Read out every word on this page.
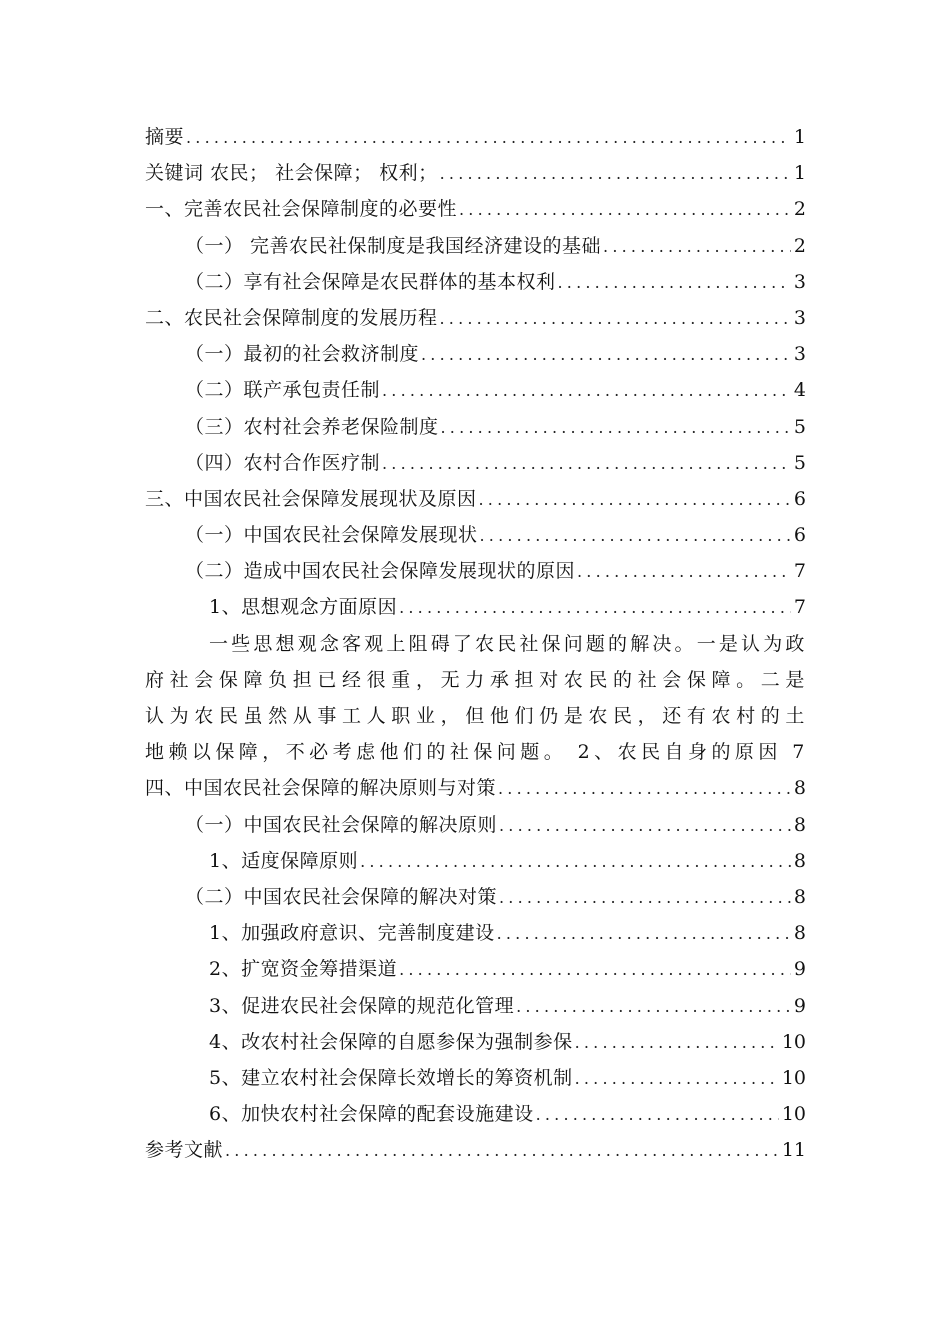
摘要 .....	1
关键词 农民； 社会保障； 权利； .....	1
一、完善农民社会保障制度的必要性 .....	2
（一） 完善农民社保制度是我国经济建设的基础 .....	2
（二）享有社会保障是农民群体的基本权利 .....	3
二、农民社会保障制度的发展历程 .....	3
（一）最初的社会救济制度 .....	3
（二）联产承包责任制 .....	4
（三）农村社会养老保险制度 .....	5
（四）农村合作医疗制 .....	5
三、中国农民社会保障发展现状及原因 .....	6
（一）中国农民社会保障发展现状 .....	6
（二）造成中国农民社会保障发展现状的原因 .....	7
1、思想观念方面原因 .....	7
一些思想观念客观上阻碍了农民社保问题的解决。一是认为政
府社会保障负担已经很重，无力承担对农民的社会保障。二是
认为农民虽然从事工人职业，但他们仍是农民，还有农村的土
地赖以保障，不必考虑他们的社保问题。 2、农民自身的原因 7
四、中国农民社会保障的解决原则与对策 .....	8
（一）中国农民社会保障的解决原则 .....	8
1、适度保障原则 .....	8
（二）中国农民社会保障的解决对策 .....	8
1、加强政府意识、完善制度建设 .....	8
2、扩宽资金筹措渠道 .....	9
3、促进农民社会保障的规范化管理 .....	9
4、改农村社会保障的自愿参保为强制参保 .....	10
5、建立农村社会保障长效增长的筹资机制 .....	10
6、加快农村社会保障的配套设施建设 .....	10
参考文献 .....	11
